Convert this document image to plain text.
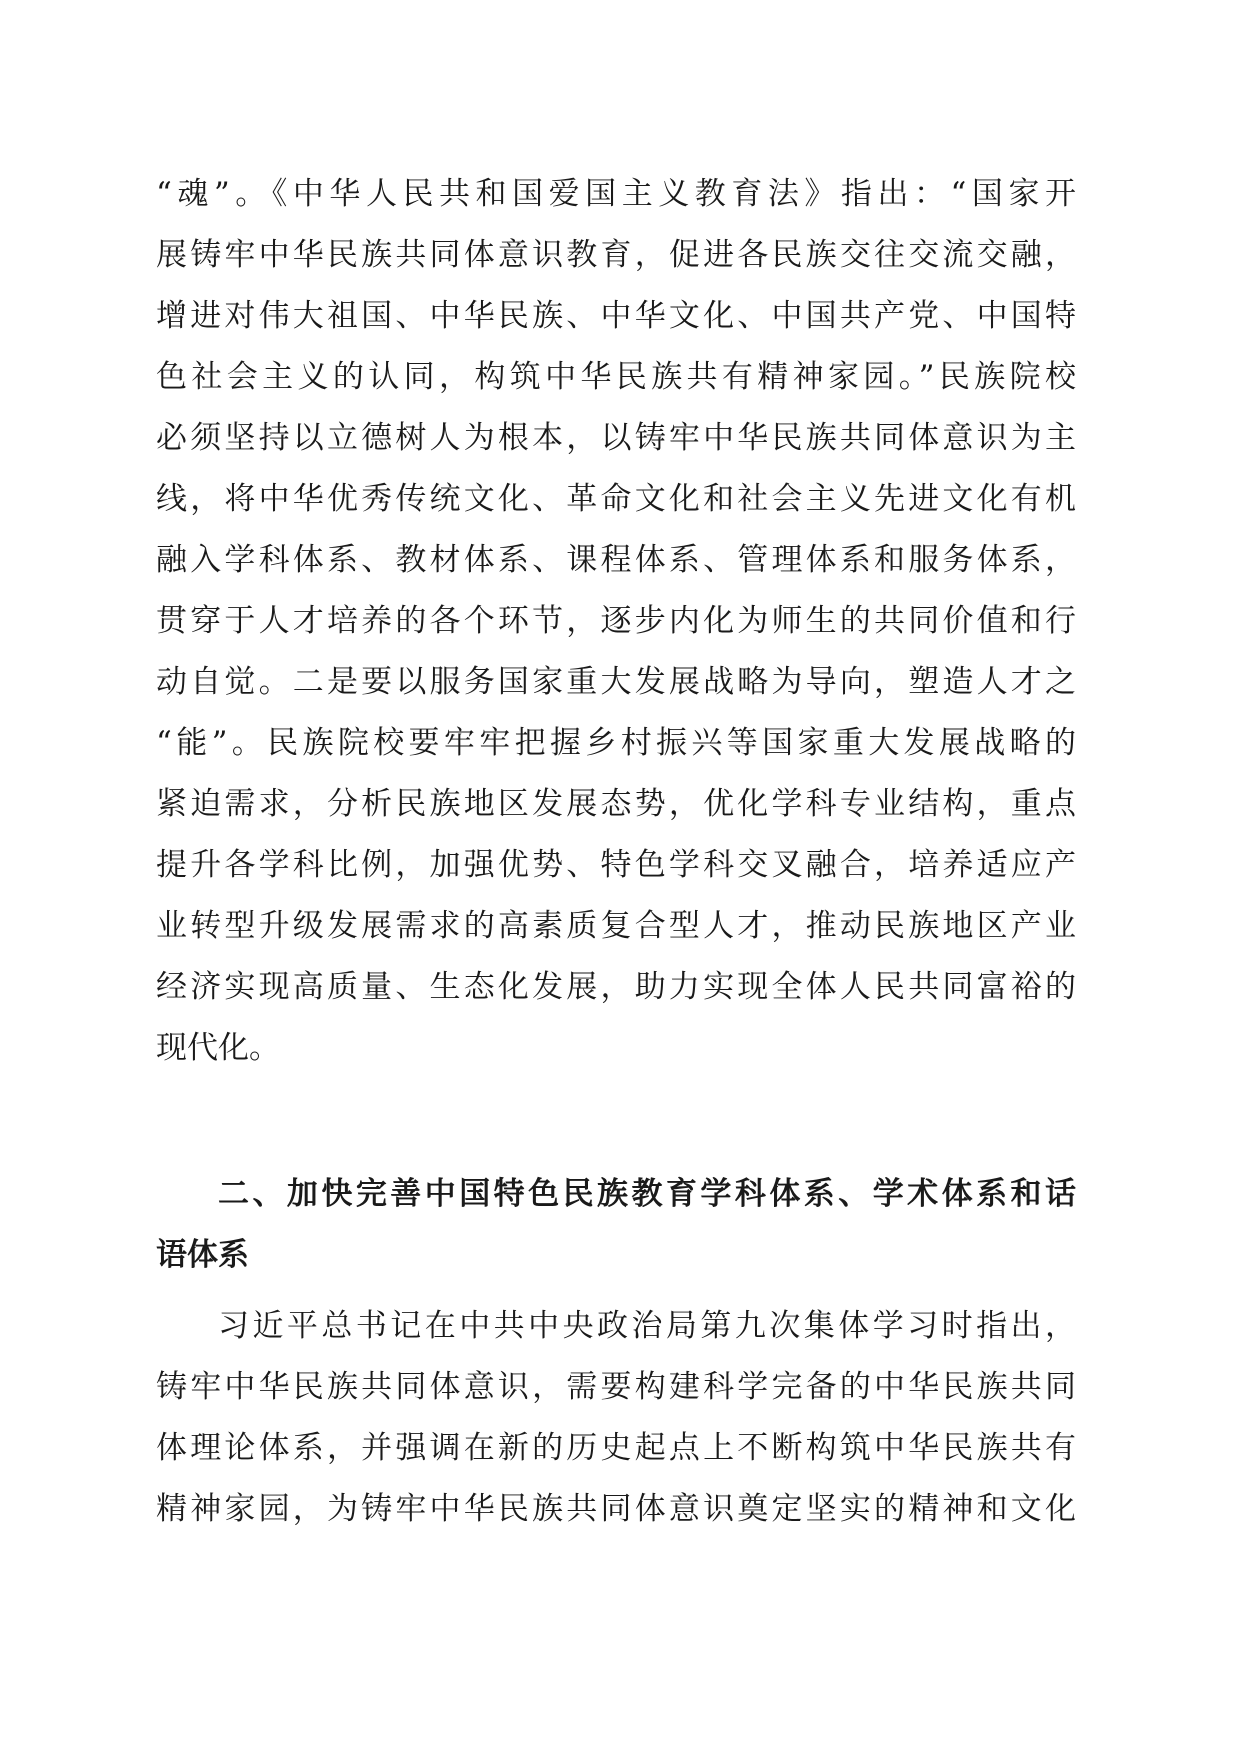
“魂”。《中华人民共和国爱国主义教育法》指出：“国家开
展铸牢中华民族共同体意识教育，促进各民族交往交流交融，
增进对伟大祖国、中华民族、中华文化、中国共产党、中国特
色社会主义的认同，构筑中华民族共有精神家园。”民族院校
必须坚持以立德树人为根本，以铸牢中华民族共同体意识为主
线，将中华优秀传统文化、革命文化和社会主义先进文化有机
融入学科体系、教材体系、课程体系、管理体系和服务体系，
贯穿于人才培养的各个环节，逐步内化为师生的共同价值和行
动自觉。二是要以服务国家重大发展战略为导向，塑造人才之
“能”。民族院校要牢牢把握乡村振兴等国家重大发展战略的
紧迫需求，分析民族地区发展态势，优化学科专业结构，重点
提升各学科比例，加强优势、特色学科交叉融合，培养适应产
业转型升级发展需求的高素质复合型人才，推动民族地区产业
经济实现高质量、生态化发展，助力实现全体人民共同富裕的
现代化。
二、加快完善中国特色民族教育学科体系、学术体系和话
语体系
习近平总书记在中共中央政治局第九次集体学习时指出，
铸牢中华民族共同体意识，需要构建科学完备的中华民族共同
体理论体系，并强调在新的历史起点上不断构筑中华民族共有
精神家园，为铸牢中华民族共同体意识奠定坚实的精神和文化
